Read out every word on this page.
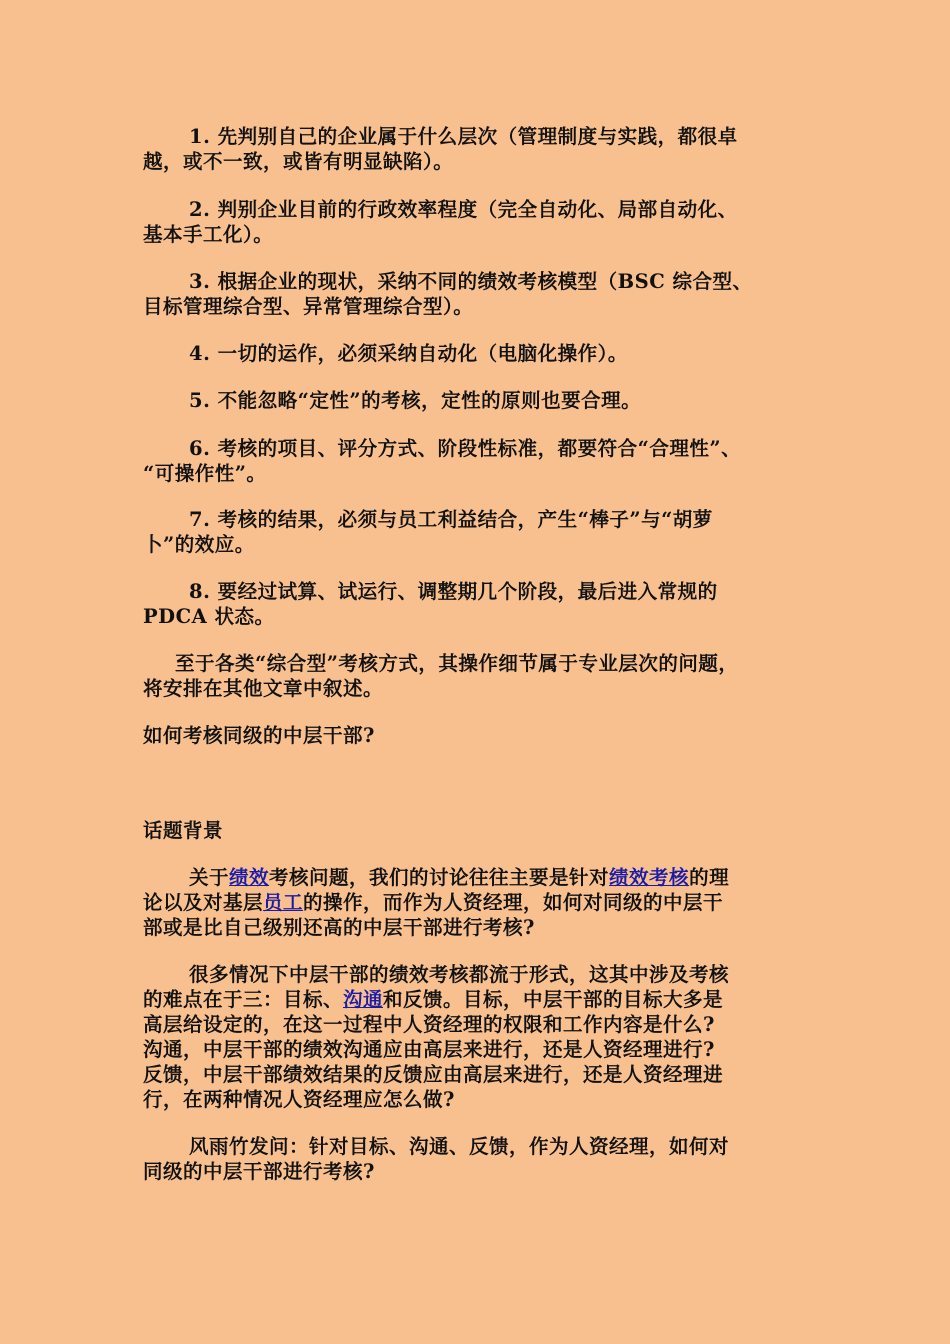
1. 先判别自己的企业属于什么层次（管理制度与实践，都很卓
越，或不一致，或皆有明显缺陷）。
2. 判别企业目前的行政效率程度（完全自动化、局部自动化、
基本手工化）。
3. 根据企业的现状，采纳不同的绩效考核模型（BSC 综合型、
目标管理综合型、异常管理综合型）。
4. 一切的运作，必须采纳自动化（电脑化操作）。
5. 不能忽略“定性”的考核，定性的原则也要合理。
6. 考核的项目、评分方式、阶段性标准，都要符合“合理性”、
“可操作性”。
7. 考核的结果，必须与员工利益结合，产生“棒子”与“胡萝
卜”的效应。
8. 要经过试算、试运行、调整期几个阶段，最后进入常规的
PDCA 状态。
至于各类“综合型”考核方式，其操作细节属于专业层次的问题，
将安排在其他文章中叙述。
如何考核同级的中层干部?
话题背景
关于绩效考核问题，我们的讨论往往主要是针对绩效考核的理
论以及对基层员工的操作，而作为人资经理，如何对同级的中层干
部或是比自己级别还高的中层干部进行考核?
很多情况下中层干部的绩效考核都流于形式，这其中涉及考核
的难点在于三：目标、沟通和反馈。目标，中层干部的目标大多是
高层给设定的，在这一过程中人资经理的权限和工作内容是什么?
沟通，中层干部的绩效沟通应由高层来进行，还是人资经理进行?
反馈，中层干部绩效结果的反馈应由高层来进行，还是人资经理进
行，在两种情况人资经理应怎么做?
风雨竹发问：针对目标、沟通、反馈，作为人资经理，如何对
同级的中层干部进行考核?
